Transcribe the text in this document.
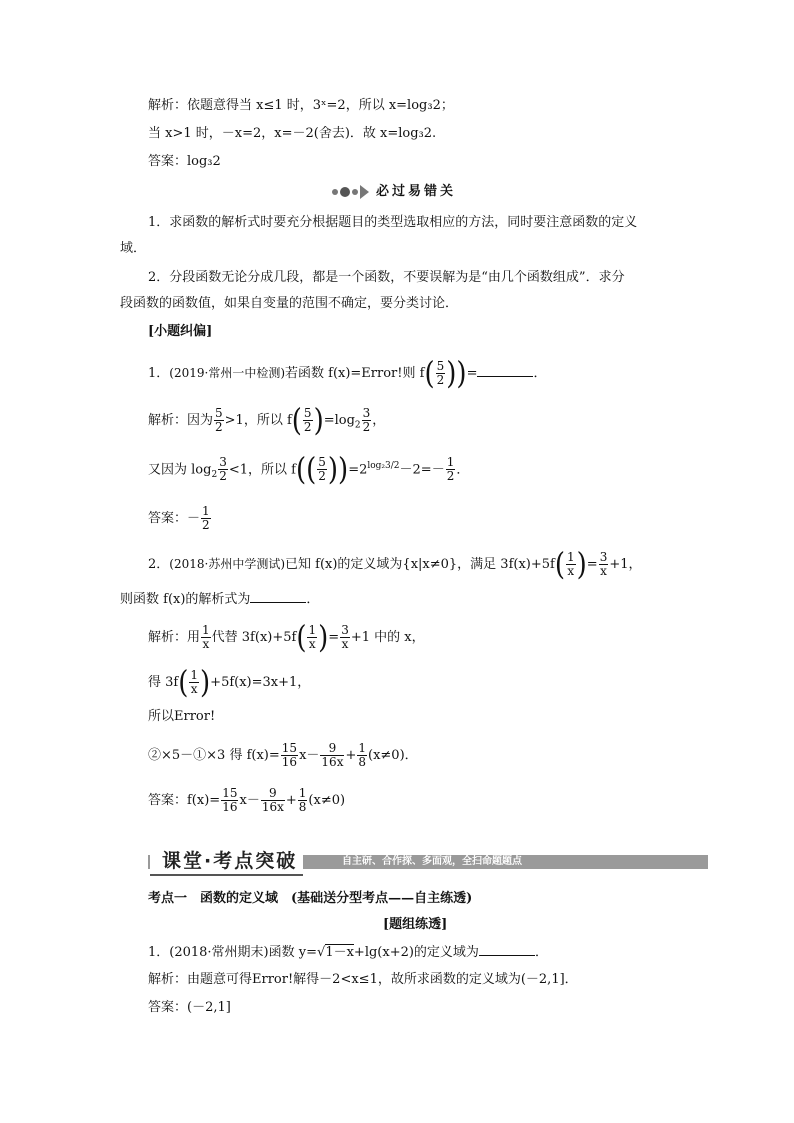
解析：依题意得当 x≤1 时，3ˣ=2，所以 x=log₃2；
当 x>1 时，－x=2，x=－2(舍去)．故 x=log₃2.
答案：log₃2
必过易错关
1．求函数的解析式时要充分根据题目的类型选取相应的方法，同时要注意函数的定义
域．
2．分段函数无论分成几段，都是一个函数，不要误解为是“由几个函数组成”．求分
段函数的函数值，如果自变量的范围不确定，要分类讨论．
[小题纠偏]
1．(2019·常州一中检测)若函数 f(x)=Error!则 $f( \frac{5}{2}$ ))=	．
解析：因为 $\frac{5}{2} >1$，所以 $f( \frac{5}{2} )=\log_2 \frac{3}{2}$ ，
又因为 $\log_2 \frac{3}{2} <1$，所以 $f(( \frac{5}{2} ))=2^{log_23/2}-2=- \frac{1}{2}$ ．
答案：－ $\frac{1}{2}$
2．(2018·苏州中学测试)已知 f(x)的定义域为{x|x≠0}，满足 $3f(x)+5f( \frac{1}{x}$ )= $\frac{3}{x} +1$，
则函数 f(x)的解析式为	．
解析：用 $\frac{1}{x}$ 代替 $3f(x)+5f( \frac{1}{x}$ )= $\frac{3}{x} +1$ 中的 x，
得 $3f( \frac{1}{x} )+5f(x)=3x+1$，
所以Error!
②×5－①×3 得 $f(x)= \frac{15}{16} x- \frac{9}{16x} + \frac{1}{8} (x\ne 0)$．
答案：$f(x)= \frac{15}{16} x- \frac{9}{16x} + \frac{1}{8} (x\ne 0)$
课堂·考点突破	自主研、合作探、多面观，全扫命题题点
考点一　函数的定义域　(基础送分型考点——自主练透)
[题组练透]
1．(2018·常州期末)函数 y=√1－x+lg(x+2)的定义域为	．
解析：由题意可得Error!解得－2<x≤1，故所求函数的定义域为(－2,1]．
答案：(－2,1]
